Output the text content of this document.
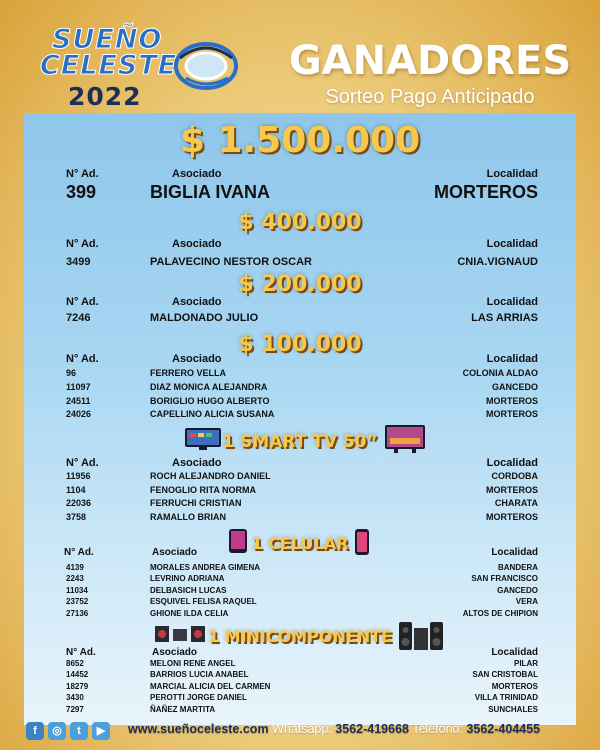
SUEÑO
CELESTE
2022
GANADORES
Sorteo Pago Anticipado
$ 1.500.000
N° Ad.	Asociado	Localidad
399	BIGLIA IVANA	MORTEROS
$ 400.000
N° Ad.	Asociado	Localidad
3499	PALAVECINO NESTOR OSCAR	CNIA.VIGNAUD
$ 200.000
N° Ad.	Asociado	Localidad
7246	MALDONADO JULIO	LAS ARRIAS
$ 100.000
N° Ad.	Asociado	Localidad
96	FERRERO VELLA	COLONIA ALDAO
11097	DIAZ MONICA ALEJANDRA	GANCEDO
24511	BORIGLIO HUGO ALBERTO	MORTEROS
24026	CAPELLINO ALICIA SUSANA	MORTEROS
1 SMART TV 50”
N° Ad.	Asociado	Localidad
11956	ROCH ALEJANDRO DANIEL	CORDOBA
1104	FENOGLIO RITA NORMA	MORTEROS
22036	FERRUCHI CRISTIAN	CHARATA
3758	RAMALLO BRIAN	MORTEROS
1 CELULAR
N° Ad.	Asociado	Localidad
4139	MORALES ANDREA GIMENA	BANDERA
2243	LEVRINO ADRIANA	SAN FRANCISCO
11034	DELBASICH LUCAS	GANCEDO
23752	ESQUIVEL FELISA RAQUEL	VERA
27136	GHIONE ILDA CELIA	ALTOS DE CHIPION
1 MINICOMPONENTE
N° Ad.	Asociado	Localidad
8652	MELONI RENE ANGEL	PILAR
14452	BARRIOS LUCIA ANABEL	SAN CRISTOBAL
18279	MARCIAL ALICIA DEL CARMEN	MORTEROS
3430	PEROTTI JORGE DANIEL	VILLA TRINIDAD
7297	ÑAÑEZ MARTITA	SUNCHALES
f	◎	t	▶	www.sueñoceleste.com Whatsapp: 3562-419668 Teléfono: 3562-404455
